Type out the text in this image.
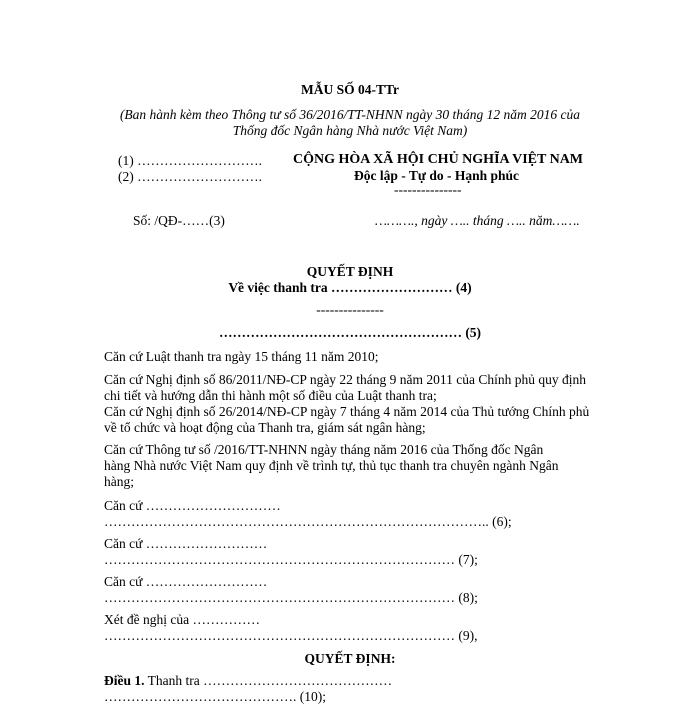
MẪU SỐ 04-TTr
(Ban hành kèm theo Thông tư số 36/2016/TT-NHNN ngày 30 tháng 12 năm 2016 của
Thống đốc Ngân hàng Nhà nước Việt Nam)
(1) ……………………….
(2) ……………………….
CỘNG HÒA XÃ HỘI CHỦ NGHĨA VIỆT NAM
Độc lập - Tự do - Hạnh phúc
---------------
Số: /QĐ-……(3)	………., ngày ….. tháng ….. năm…….
QUYẾT ĐỊNH
Về việc thanh tra ……………………… (4)
---------------
……………………………………………… (5)
Căn cứ Luật thanh tra ngày 15 tháng 11 năm 2010;
Căn cứ Nghị định số 86/2011/NĐ-CP ngày 22 tháng 9 năm 2011 của Chính phủ quy định
chi tiết và hướng dẫn thi hành một số điều của Luật thanh tra;
Căn cứ Nghị định số 26/2014/NĐ-CP ngày 7 tháng 4 năm 2014 của Thủ tướng Chính phủ
về tổ chức và hoạt động của Thanh tra, giám sát ngân hàng;
Căn cứ Thông tư số /2016/TT-NHNN ngày tháng năm 2016 của Thống đốc Ngân
hàng Nhà nước Việt Nam quy định về trình tự, thủ tục thanh tra chuyên ngành Ngân
hàng;
Căn cứ …………………………
………………………………………………………………………….. (6);
Căn cứ ………………………
…………………………………………………………………… (7);
Căn cứ ………………………
…………………………………………………………………… (8);
Xét đề nghị của ……………
…………………………………………………………………… (9),
QUYẾT ĐỊNH:
Điều 1. Thanh tra ……………………………………
……………………………………. (10);
